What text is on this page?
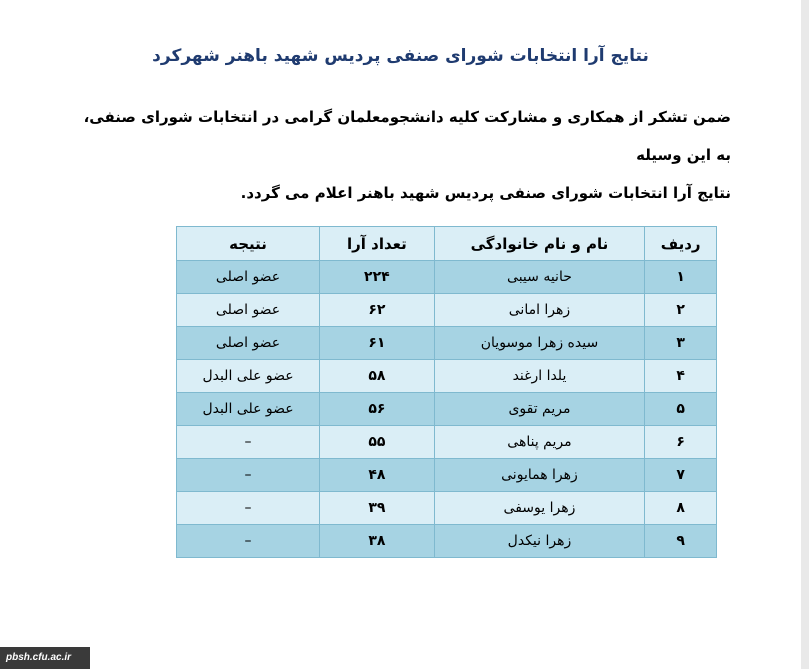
نتایج آرا انتخابات شورای صنفی پردیس شهید باهنر شهرکرد
ضمن تشکر از همکاری و مشارکت کلیه دانشجومعلمان گرامی در انتخابات شورای صنفی، به این وسیله
نتایج آرا انتخابات شورای صنفی پردیس شهید باهنر اعلام می گردد.
ردیف	نام و نام خانوادگی	تعداد آرا	نتیجه
۱	حانیه سیبی	۲۲۴	عضو اصلی
۲	زهرا امانی	۶۲	عضو اصلی
۳	سیده زهرا موسویان	۶۱	عضو اصلی
۴	یلدا ارغند	۵۸	عضو علی البدل
۵	مریم تقوی	۵۶	عضو علی البدل
۶	مریم پناهی	۵۵	–
۷	زهرا همایونی	۴۸	–
۸	زهرا یوسفی	۳۹	–
۹	زهرا نیکدل	۳۸	–
pbsh.cfu.ac.ir
